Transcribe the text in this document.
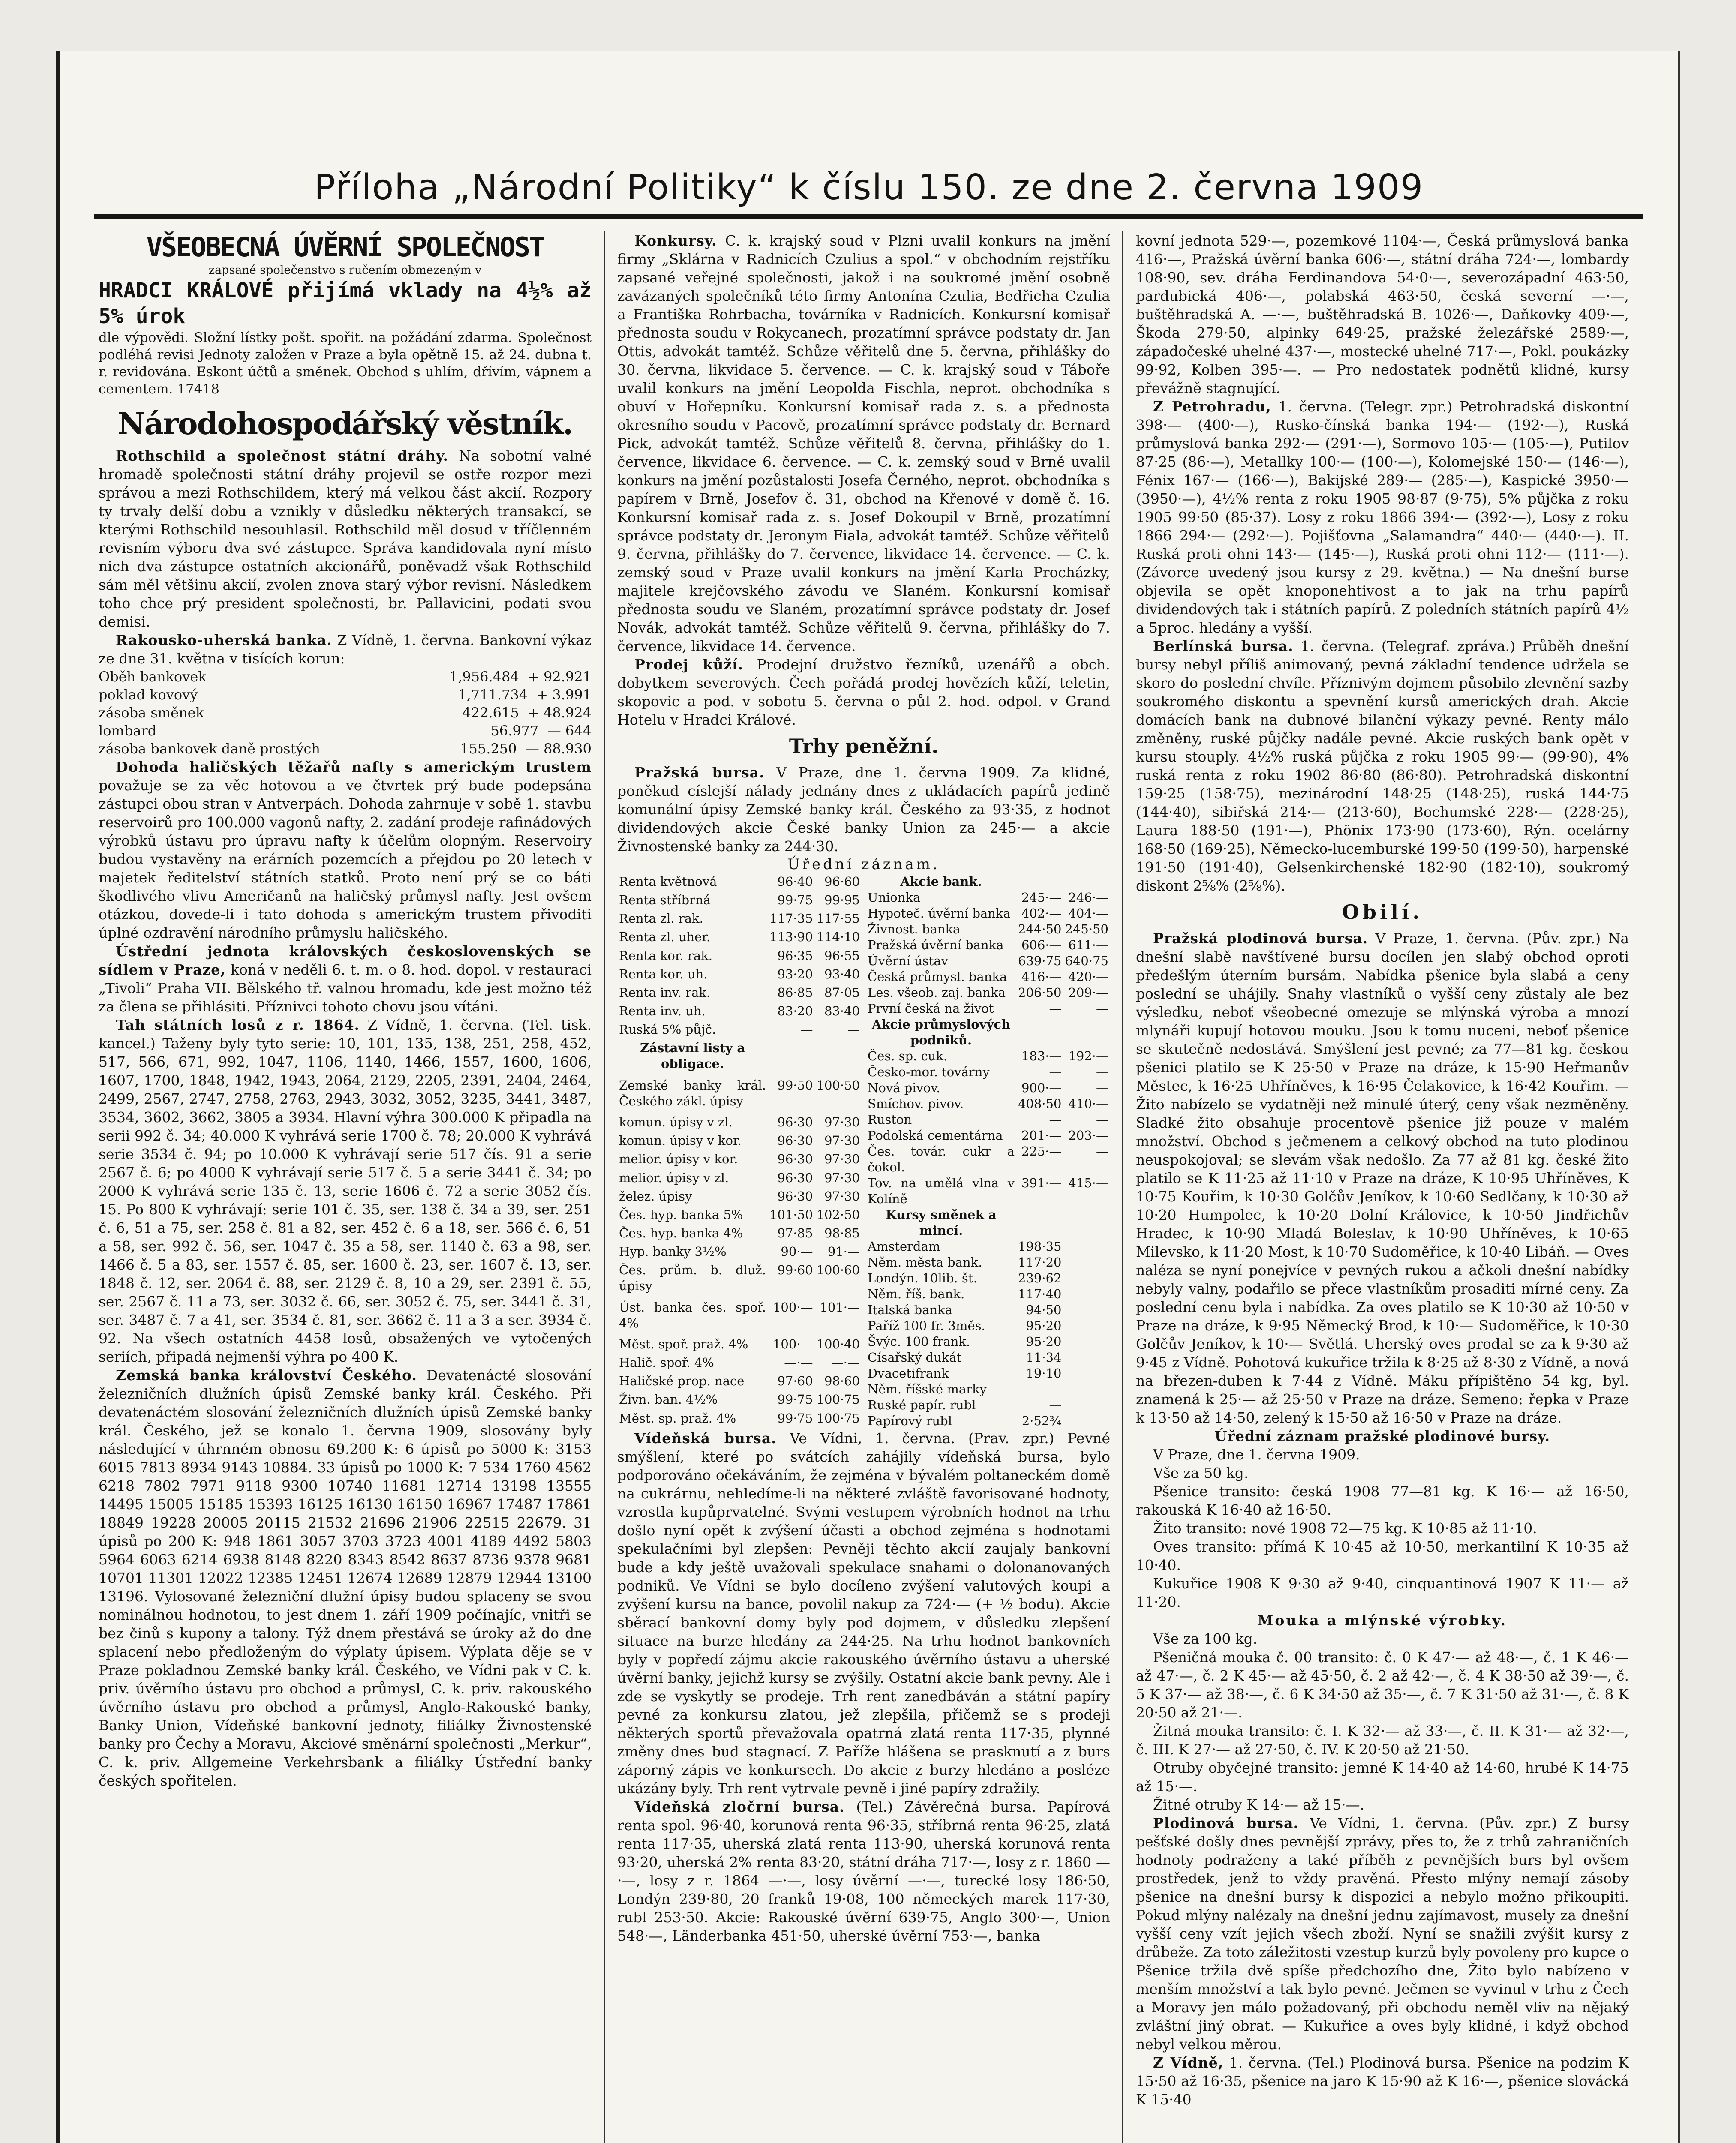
Příloha „Národní Politiky“ k číslu 150. ze dne 2. června 1909
VŠEOBECNÁ ÚVĚRNÍ SPOLEČNOST
zapsané společenstvo s ručením obmezeným v
HRADCI KRÁLOVÉ přijímá vklady na 4½% až 5% úrok
dle výpovědi. Složní lístky pošt. spořit. na požádání zdarma. Společnost podléhá revisi Jednoty založen v Praze a byla opětně 15. až 24. dubna t. r. revidována. Eskont účtů a směnek. Obchod s uhlím, dřívím, vápnem a cementem. 17418
Národohospodářský věstník.

Rothschild a společnost státní dráhy. Na sobotní valné hromadě společnosti státní dráhy projevil se ostře rozpor mezi správou a mezi Rothschildem, který má velkou část akcií. Rozpory ty trvaly delší dobu a vznikly v důsledku některých transakcí, se kterými Rothschild nesouhlasil. Rothschild měl dosud v tříčlenném revisním výboru dva své zástupce. Správa kandidovala nyní místo nich dva zástupce ostatních akcionářů, poněvadž však Rothschild sám měl většinu akcií, zvolen znova starý výbor revisní. Následkem toho chce prý president společnosti, br. Pallavicini, podati svou demisi.

Rakousko-uherská banka. Z Vídně, 1. června. Bankovní výkaz ze dne 31. května v tisících korun:

Oběh bankovek	1,956.484 + 92.921
poklad kovový	1,711.734 + 3.991
zásoba směnek	422.615 + 48.924
lombard	56.977 — 644
zásoba bankovek daně prostých	155.250 — 88.930

Dohoda haličských těžařů nafty s americkým trustem považuje se za věc hotovou a ve čtvrtek prý bude podepsána zástupci obou stran v Antverpách. Dohoda zahrnuje v sobě 1. stavbu reservoirů pro 100.000 vagonů nafty, 2. zadání prodeje rafinádových výrobků ústavu pro úpravu nafty k účelům olopným. Reservoiry budou vystavěny na erárních pozemcích a přejdou po 20 letech v majetek ředitelství státních statků. Proto není prý se co báti škodlivého vlivu Američanů na haličský průmysl nafty. Jest ovšem otázkou, dovede-li i tato dohoda s americkým trustem přivoditi úplné ozdravění národního průmyslu haličského.

Ústřední jednota královských československých se sídlem v Praze, koná v neděli 6. t. m. o 8. hod. dopol. v restauraci „Tivoli“ Praha VII. Bělského tř. valnou hromadu, kde jest možno též za člena se přihlásiti. Příznivci tohoto chovu jsou vítáni.

Tah státních losů z r. 1864. Z Vídně, 1. června. (Tel. tisk. kancel.) Taženy byly tyto serie: 10, 101, 135, 138, 251, 258, 452, 517, 566, 671, 992, 1047, 1106, 1140, 1466, 1557, 1600, 1606, 1607, 1700, 1848, 1942, 1943, 2064, 2129, 2205, 2391, 2404, 2464, 2499, 2567, 2747, 2758, 2763, 2943, 3032, 3052, 3235, 3441, 3487, 3534, 3602, 3662, 3805 a 3934. Hlavní výhra 300.000 K připadla na serii 992 č. 34; 40.000 K vyhrává serie 1700 č. 78; 20.000 K vyhrává serie 3534 č. 94; po 10.000 K vyhrávají serie 517 čís. 91 a serie 2567 č. 6; po 4000 K vyhrávají serie 517 č. 5 a serie 3441 č. 34; po 2000 K vyhrává serie 135 č. 13, serie 1606 č. 72 a serie 3052 čís. 15. Po 800 K vyhrávají: serie 101 č. 35, ser. 138 č. 34 a 39, ser. 251 č. 6, 51 a 75, ser. 258 č. 81 a 82, ser. 452 č. 6 a 18, ser. 566 č. 6, 51 a 58, ser. 992 č. 56, ser. 1047 č. 35 a 58, ser. 1140 č. 63 a 98, ser. 1466 č. 5 a 83, ser. 1557 č. 85, ser. 1600 č. 23, ser. 1607 č. 13, ser. 1848 č. 12, ser. 2064 č. 88, ser. 2129 č. 8, 10 a 29, ser. 2391 č. 55, ser. 2567 č. 11 a 73, ser. 3032 č. 66, ser. 3052 č. 75, ser. 3441 č. 31, ser. 3487 č. 7 a 41, ser. 3534 č. 81, ser. 3662 č. 11 a 3 a ser. 3934 č. 92. Na všech ostatních 4458 losů, obsažených ve vytočených seriích, připadá nejmenší výhra po 400 K.

Zemská banka království Českého. Devatenácté slosování železničních dlužních úpisů Zemské banky král. Českého. Při devatenáctém slosování železničních dlužních úpisů Zemské banky král. Českého, jež se konalo 1. června 1909, slosovány byly následující v úhrnném obnosu 69.200 K: 6 úpisů po 5000 K: 3153 6015 7813 8934 9143 10884. 33 úpisů po 1000 K: 7 534 1760 4562 6218 7802 7971 9118 9300 10740 11681 12714 13198 13555 14495 15005 15185 15393 16125 16130 16150 16967 17487 17861 18849 19228 20005 20115 21532 21696 21906 22515 22679. 31 úpisů po 200 K: 948 1861 3057 3703 3723 4001 4189 4492 5803 5964 6063 6214 6938 8148 8220 8343 8542 8637 8736 9378 9681 10701 11301 12022 12385 12451 12674 12689 12879 12944 13100 13196. Vylosované železniční dlužní úpisy budou splaceny se svou nominálnou hodnotou, to jest dnem 1. září 1909 počínajíc, vnitři se bez činů s kupony a talony. Týž dnem přestává se úroky až do dne splacení nebo předloženým do výplaty úpisem. Výplata děje se v Praze pokladnou Zemské banky král. Českého, ve Vídni pak v C. k. priv. úvěrního ústavu pro obchod a průmysl, C. k. priv. rakouského úvěrního ústavu pro obchod a průmysl, Anglo-Rakouské banky, Banky Union, Vídeňské bankovní jednoty, filiálky Živnostenské banky pro Čechy a Moravu, Akciové směnární společnosti „Merkur“, C. k. priv. Allgemeine Verkehrsbank a filiálky Ústřední banky českých spořitelen.

Konkursy. C. k. krajský soud v Plzni uvalil konkurs na jmění firmy „Sklárna v Radnicích Czulius a spol.“ v obchodním rejstříku zapsané veřejné společnosti, jakož i na soukromé jmění osobně zavázaných společníků této firmy Antonína Czulia, Bedřicha Czulia a Františka Rohrbacha, továrníka v Radnicích. Konkursní komisař přednosta soudu v Rokycanech, prozatímní správce podstaty dr. Jan Ottis, advokát tamtéž. Schůze věřitelů dne 5. června, přihlášky do 30. června, likvidace 5. července. — C. k. krajský soud v Táboře uvalil konkurs na jmění Leopolda Fischla, neprot. obchodníka s obuví v Hořepníku. Konkursní komisař rada z. s. a přednosta okresního soudu v Pacově, prozatímní správce podstaty dr. Bernard Pick, advokát tamtéž. Schůze věřitelů 8. června, přihlášky do 1. července, likvidace 6. července. — C. k. zemský soud v Brně uvalil konkurs na jmění pozůstalosti Josefa Černého, neprot. obchodníka s papírem v Brně, Josefov č. 31, obchod na Křenové v domě č. 16. Konkursní komisař rada z. s. Josef Dokoupil v Brně, prozatímní správce podstaty dr. Jeronym Fiala, advokát tamtéž. Schůze věřitelů 9. června, přihlášky do 7. července, likvidace 14. července. — C. k. zemský soud v Praze uvalil konkurs na jmění Karla Procházky, majitele krejčovského závodu ve Slaném. Konkursní komisař přednosta soudu ve Slaném, prozatímní správce podstaty dr. Josef Novák, advokát tamtéž. Schůze věřitelů 9. června, přihlášky do 7. července, likvidace 14. července.

Prodej kůží. Prodejní družstvo řezníků, uzenářů a obch. dobytkem severových. Čech pořádá prodej hovězích kůží, teletin, skopovic a pod. v sobotu 5. června o půl 2. hod. odpol. v Grand Hotelu v Hradci Králové.

Trhy peněžní.

Pražská bursa. V Praze, dne 1. června 1909. Za klidné, poněkud císlejší nálady jednány dnes z ukládacích papírů jedině komunální úpisy Zemské banky král. Českého za 93·35, z hodnot dividendových akcie České banky Union za 245·— a akcie Živnostenské banky za 244·30.

Úřední záznam.
Renta květnová	96·40	96·60
Renta stříbrná	99·75	99·95
Renta zl. rak.	117·35	117·55
Renta zl. uher.	113·90	114·10
Renta kor. rak.	96·35	96·55
Renta kor. uh.	93·20	93·40
Renta inv. rak.	86·85	87·05
Renta inv. uh.	83·20	83·40
Ruská 5% půjč.	—	—
Zástavní listy a obligace.		
Zemské banky král. Českého zákl. úpisy	99·50	100·50
komun. úpisy v zl.	96·30	97·30
komun. úpisy v kor.	96·30	97·30
melior. úpisy v kor.	96·30	97·30
melior. úpisy v zl.	96·30	97·30
želez. úpisy	96·30	97·30
Čes. hyp. banka 5%	101·50	102·50
Čes. hyp. banka 4%	97·85	98·85
Hyp. banky 3½%	90·—	91·—
Čes. prům. b. dluž. úpisy	99·60	100·60
Úst. banka čes. spoř. 4%	100·—	101·—
Měst. spoř. praž. 4%	100·—	100·40
Halič. spoř. 4%	—·—	—·—
Haličské prop. nace	97·60	98·60
Živn. ban. 4½%	99·75	100·75
Měst. sp. praž. 4%	99·75	100·75
Akcie bank.		
Unionka	245·—	246·—
Hypoteč. úvěrní banka	402·—	404·—
Živnost. banka	244·50	245·50
Pražská úvěrní banka	606·—	611·—
Úvěrní ústav	639·75	640·75
Česká průmysl. banka	416·—	420·—
Les. všeob. zaj. banka	206·50	209·—
První česká na život	—	—
Akcie průmyslových podniků.		
Čes. sp. cuk.	183·—	192·—
Česko-mor. továrny	—	—
Nová pivov.	900·—	—
Smíchov. pivov.	408·50	410·—
Ruston	—	—
Podolská cementárna	201·—	203·—
Čes. továr. cukr a čokol.	225·—	—
Tov. na umělá vlna v Kolíně	391·—	415·—
Kursy směnek a mincí.		
Amsterdam	198·35	
Něm. města bank.	117·20	
Londýn. 10lib. št.	239·62	
Něm. říš. bank.	117·40	
Italská banka	94·50	
Paříž 100 fr. 3měs.	95·20	
Švýc. 100 frank.	95·20	
Císařský dukát	11·34	
Dvacetifrank	19·10	
Něm. říšské marky	—	
Ruské papír. rubl	—	
Papírový rubl	2·52¾	

Vídeňská bursa. Ve Vídni, 1. června. (Prav. zpr.) Pevné smýšlení, které po svátcích zahájily vídeňská bursa, bylo podporováno očekáváním, že zejména v bývalém poltaneckém domě na cukrárnu, nehledíme-li na některé zvláště favorisované hodnoty, vzrostla kupůprvatelné. Svými vestupem výrobních hodnot na trhu došlo nyní opět k zvýšení účasti a obchod zejména s hodnotami spekulačními byl zlepšen: Pevněji těchto akcií zaujaly bankovní bude a kdy ještě uvažovali spekulace snahami o dolonanovaných podniků. Ve Vídni se bylo docíleno zvýšení valutových koupi a zvýšení kursu na bance, povolil nakup za 724·— (+ ½ bodu). Akcie sběrací bankovní domy byly pod dojmem, v důsledku zlepšení situace na burze hledány za 244·25. Na trhu hodnot bankovních byly v popředí zájmu akcie rakouského úvěrního ústavu a uherské úvěrní banky, jejichž kursy se zvýšily. Ostatní akcie bank pevny. Ale i zde se vyskytly se prodeje. Trh rent zanedbáván a státní papíry pevné za konkursu zlatou, jež zlepšila, přičemž se s prodeji některých sportů převažovala opatrná zlatá renta 117·35, plynné změny dnes bud stagnací. Z Paříže hlášena se prasknutí a z burs záporný zápis ve konkursech. Do akcie z burzy hledáno a posléze ukázány byly. Trh rent vytrvale pevně i jiné papíry zdražily.

Vídeňská zločrní bursa. (Tel.) Závěrečná bursa. Papírová renta spol. 96·40, korunová renta 96·35, stříbrná renta 96·25, zlatá renta 117·35, uherská zlatá renta 113·90, uherská korunová renta 93·20, uherská 2% renta 83·20, státní dráha 717·—, losy z r. 1860 —·—, losy z r. 1864 —·—, losy úvěrní —·—, turecké losy 186·50, Londýn 239·80, 20 franků 19·08, 100 německých marek 117·30, rubl 253·50. Akcie: Rakouské úvěrní 639·75, Anglo 300·—, Union 548·—, Länderbanka 451·50, uherské úvěrní 753·—, banka

kovní jednota 529·—, pozemkové 1104·—, Česká průmyslová banka 416·—, Pražská úvěrní banka 606·—, státní dráha 724·—, lombardy 108·90, sev. dráha Ferdinandova 54·0·—, severozápadní 463·50, pardubická 406·—, polabská 463·50, česká severní —·—, buštěhradská A. —·—, buštěhradská B. 1026·—, Daňkovky 409·—, Škoda 279·50, alpinky 649·25, pražské železářské 2589·—, západočeské uhelné 437·—, mostecké uhelné 717·—, Pokl. poukázky 99·92, Kolben 395·—. — Pro nedostatek podnětů klidné, kursy převážně stagnující.

Z Petrohradu, 1. června. (Telegr. zpr.) Petrohradská diskontní 398·— (400·—), Rusko-čínská banka 194·— (192·—), Ruská průmyslová banka 292·— (291·—), Sormovo 105·— (105·—), Putilov 87·25 (86·—), Metallky 100·— (100·—), Kolomejské 150·— (146·—), Fénix 167·— (166·—), Bakijské 289·— (285·—), Kaspické 3950·— (3950·—), 4½% renta z roku 1905 98·87 (9·75), 5% půjčka z roku 1905 99·50 (85·37). Losy z roku 1866 394·— (392·—), Losy z roku 1866 294·— (292·—). Pojišťovna „Salamandra“ 440·— (440·—). II. Ruská proti ohni 143·— (145·—), Ruská proti ohni 112·— (111·—). (Závorce uvedený jsou kursy z 29. května.) — Na dnešní burse objevila se opět knoponehtivost a to jak na trhu papírů dividendových tak i státních papírů. Z poledních státních papírů 4½ a 5proc. hledány a vyšší.

Berlínská bursa. 1. června. (Telegraf. zpráva.) Průběh dnešní bursy nebyl příliš animovaný, pevná základní tendence udržela se skoro do poslední chvíle. Příznivým dojmem působilo zlevnění sazby soukromého diskontu a spevnění kursů amerických drah. Akcie domácích bank na dubnové bilanční výkazy pevné. Renty málo změněny, ruské půjčky nadále pevné. Akcie ruských bank opět v kursu stouply. 4½% ruská půjčka z roku 1905 99·— (99·90), 4% ruská renta z roku 1902 86·80 (86·80). Petrohradská diskontní 159·25 (158·75), mezinárodní 148·25 (148·25), ruská 144·75 (144·40), sibiřská 214·— (213·60), Bochumské 228·— (228·25), Laura 188·50 (191·—), Phönix 173·90 (173·60), Rýn. ocelárny 168·50 (169·25), Německo-lucemburské 199·50 (199·50), harpenské 191·50 (191·40), Gelsenkirchenské 182·90 (182·10), soukromý diskont 2⅝% (2⅝%).

Obilí.

Pražská plodinová bursa. V Praze, 1. června. (Pův. zpr.) Na dnešní slabě navštívené bursu docílen jen slabý obchod oproti předešlým úterním bursám. Nabídka pšenice byla slabá a ceny poslední se uhájily. Snahy vlastníků o vyšší ceny zůstaly ale bez výsledku, neboť všeobecné omezuje se mlýnská výroba a mnozí mlynáři kupují hotovou mouku. Jsou k tomu nuceni, neboť pšenice se skutečně nedostává. Smýšlení jest pevné; za 77—81 kg. českou pšenici platilo se K 25·50 v Praze na dráze, k 15·90 Heřmanův Městec, k 16·25 Uhříněves, k 16·95 Čelakovice, k 16·42 Kouřim. — Žito nabízelo se vydatněji než minulé úterý, ceny však nezměněny. Sladké žito obsahuje procentově pšenice již pouze v malém množství. Obchod s ječmenem a celkový obchod na tuto plodinou neuspokojoval; se slevám však nedošlo. Za 77 až 81 kg. české žito platilo se K 11·25 až 11·10 v Praze na dráze, K 10·95 Uhříněves, K 10·75 Kouřim, k 10·30 Golčův Jeníkov, k 10·60 Sedlčany, k 10·30 až 10·20 Humpolec, k 10·20 Dolní Královice, k 10·50 Jindřichův Hradec, k 10·90 Mladá Boleslav, k 10·90 Uhříněves, k 10·65 Milevsko, k 11·20 Most, k 10·70 Sudoměřice, k 10·40 Libáň. — Oves naléza se nyní ponejvíce v pevných rukou a ačkoli dnešní nabídky nebyly valny, podařilo se přece vlastníkům prosaditi mírné ceny. Za poslední cenu byla i nabídka. Za oves platilo se K 10·30 až 10·50 v Praze na dráze, k 9·95 Německý Brod, k 10·— Sudoměřice, k 10·30 Golčův Jeníkov, k 10·— Světlá. Uherský oves prodal se za k 9·30 až 9·45 z Vídně. Pohotová kukuřice tržila k 8·25 až 8·30 z Vídně, a nová na březen-duben k 7·44 z Vídně. Máku přípištěno 54 kg, byl. znamená k 25·— až 25·50 v Praze na dráze. Semeno: řepka v Praze k 13·50 až 14·50, zelený k 15·50 až 16·50 v Praze na dráze.

Úřední záznam pražské plodinové bursy.
V Praze, dne 1. června 1909.
Vše za 50 kg.
Pšenice transito: česká 1908 77—81 kg. K 16·— až 16·50, rakouská K 16·40 až 16·50.
Žito transito: nové 1908 72—75 kg. K 10·85 až 11·10.
Oves transito: přímá K 10·45 až 10·50, merkantilní K 10·35 až 10·40.
Kukuřice 1908 K 9·30 až 9·40, cinquantinová 1907 K 11·— až 11·20.
Mouka a mlýnské výrobky.
Vše za 100 kg.
Pšeničná mouka č. 00 transito: č. 0 K 47·— až 48·—, č. 1 K 46·— až 47·—, č. 2 K 45·— až 45·50, č. 2 až 42·—, č. 4 K 38·50 až 39·—, č. 5 K 37·— až 38·—, č. 6 K 34·50 až 35·—, č. 7 K 31·50 až 31·—, č. 8 K 20·50 až 21·—.
Žitná mouka transito: č. I. K 32·— až 33·—, č. II. K 31·— až 32·—, č. III. K 27·— až 27·50, č. IV. K 20·50 až 21·50.
Otruby obyčejné transito: jemné K 14·40 až 14·60, hrubé K 14·75 až 15·—.
Žitné otruby K 14·— až 15·—.

Plodinová bursa. Ve Vídni, 1. června. (Pův. zpr.) Z bursy pešťské došly dnes pevnější zprávy, přes to, že z trhů zahraničních hodnoty podraženy a také příběh z pevnějších burs byl ovšem prostředek, jenž to vždy pravěná. Přesto mlýny nemají zásoby pšenice na dnešní bursy k dispozici a nebylo možno přikoupiti. Pokud mlýny nalézaly na dnešní jednu zajímavost, musely za dnešní vyšší ceny vzít jejich všech zboží. Nyní se snažili zvýšit kursy z drůbeže. Za toto záležitosti vzestup kurzů byly povoleny pro kupce o Pšenice tržila dvě spíše předchozího dne, Žito bylo nabízeno v menším množství a tak bylo pevné. Ječmen se vyvinul v trhu z Čech a Moravy jen málo požadovaný, při obchodu neměl vliv na nějaký zvláštní jiný obrat. — Kukuřice a oves byly klidné, i když obchod nebyl velkou měrou.

Z Vídně, 1. června. (Tel.) Plodinová bursa. Pšenice na podzim K 15·50 až 16·35, pšenice na jaro K 15·90 až K 16·—, pšenice slovácká K 15·40
